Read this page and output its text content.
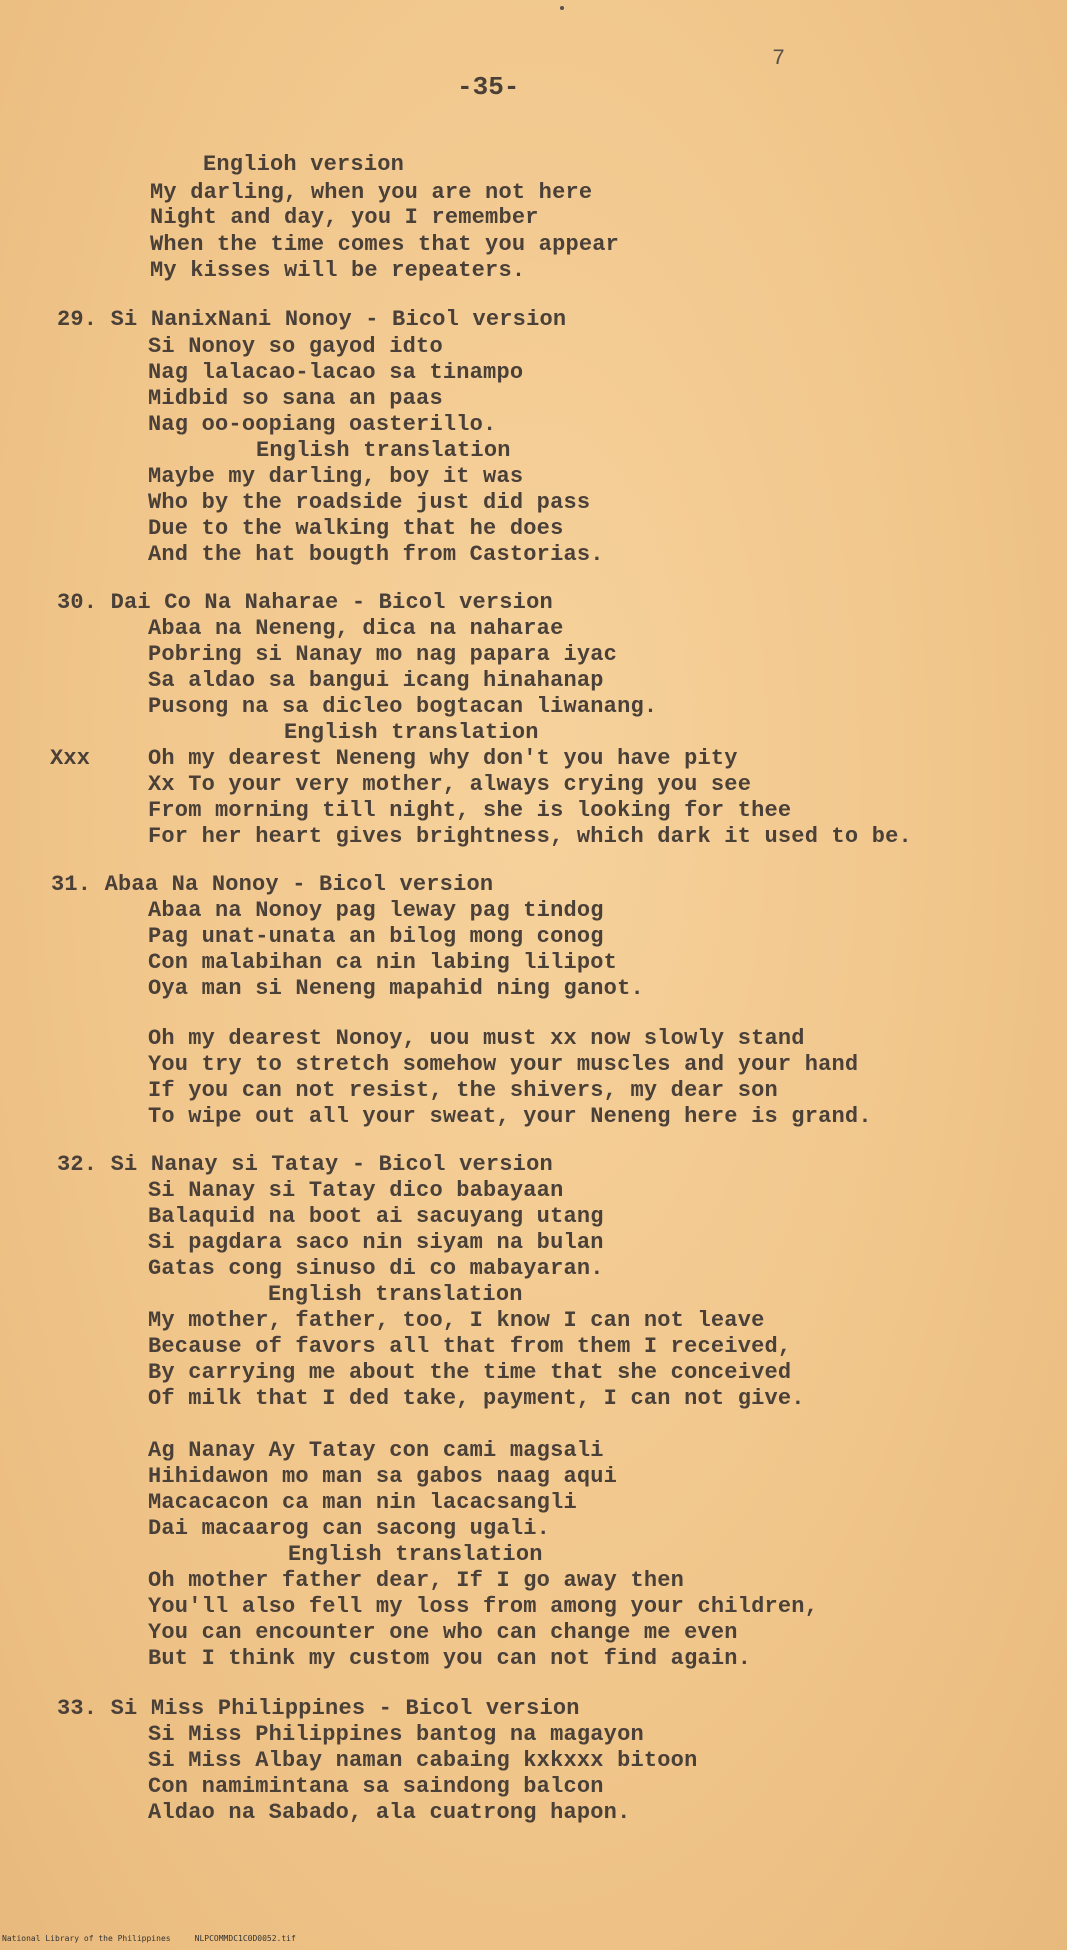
7
-35-
Englioh version
My darling, when you are not here
Night and day, you I remember
When the time comes that you appear
My kisses will be repeaters.
29. Si NanixNani Nonoy - Bicol version
Si Nonoy so gayod idto
Nag lalacao-lacao sa tinampo
Midbid so sana an paas
Nag oo-oopiang oasterillo.
English translation
Maybe my darling, boy it was
Who by the roadside just did pass
Due to the walking that he does
And the hat bougth from Castorias.
30. Dai Co Na Naharae - Bicol version
Abaa na Neneng, dica na naharae
Pobring si Nanay mo nag papara iyac
Sa aldao sa bangui icang hinahanap
Pusong na sa dicleo bogtacan liwanang.
English translation
Xxx	Oh my dearest Neneng why don't you have pity
Xx To your very mother, always crying you see
From morning till night, she is looking for thee
For her heart gives brightness, which dark it used to be.
31. Abaa Na Nonoy - Bicol version
Abaa na Nonoy pag leway pag tindog
Pag unat-unata an bilog mong conog
Con malabihan ca nin labing lilipot
Oya man si Neneng mapahid ning ganot.
Oh my dearest Nonoy, uou must xx now slowly stand
You try to stretch somehow your muscles and your hand
If you can not resist, the shivers, my dear son
To wipe out all your sweat, your Neneng here is grand.
32. Si Nanay si Tatay - Bicol version
Si Nanay si Tatay dico babayaan
Balaquid na boot ai sacuyang utang
Si pagdara saco nin siyam na bulan
Gatas cong sinuso di co mabayaran.
English translation
My mother, father, too, I know I can not leave
Because of favors all that from them I received,
By carrying me about the time that she conceived
Of milk that I ded take, payment, I can not give.
Ag Nanay Ay Tatay con cami magsali
Hihidawon mo man sa gabos naag aqui
Macacacon ca man nin lacacsangli
Dai macaarog can sacong ugali.
English translation
Oh mother father dear, If I go away then
You'll also fell my loss from among your children,
You can encounter one who can change me even
But I think my custom you can not find again.
33. Si Miss Philippines - Bicol version
Si Miss Philippines bantog na magayon
Si Miss Albay naman cabaing kxkxxx bitoon
Con namimintana sa saindong balcon
Aldao na Sabado, ala cuatrong hapon.
National Library of the Philippines     NLPCOMMDC1C0D0052.tif
